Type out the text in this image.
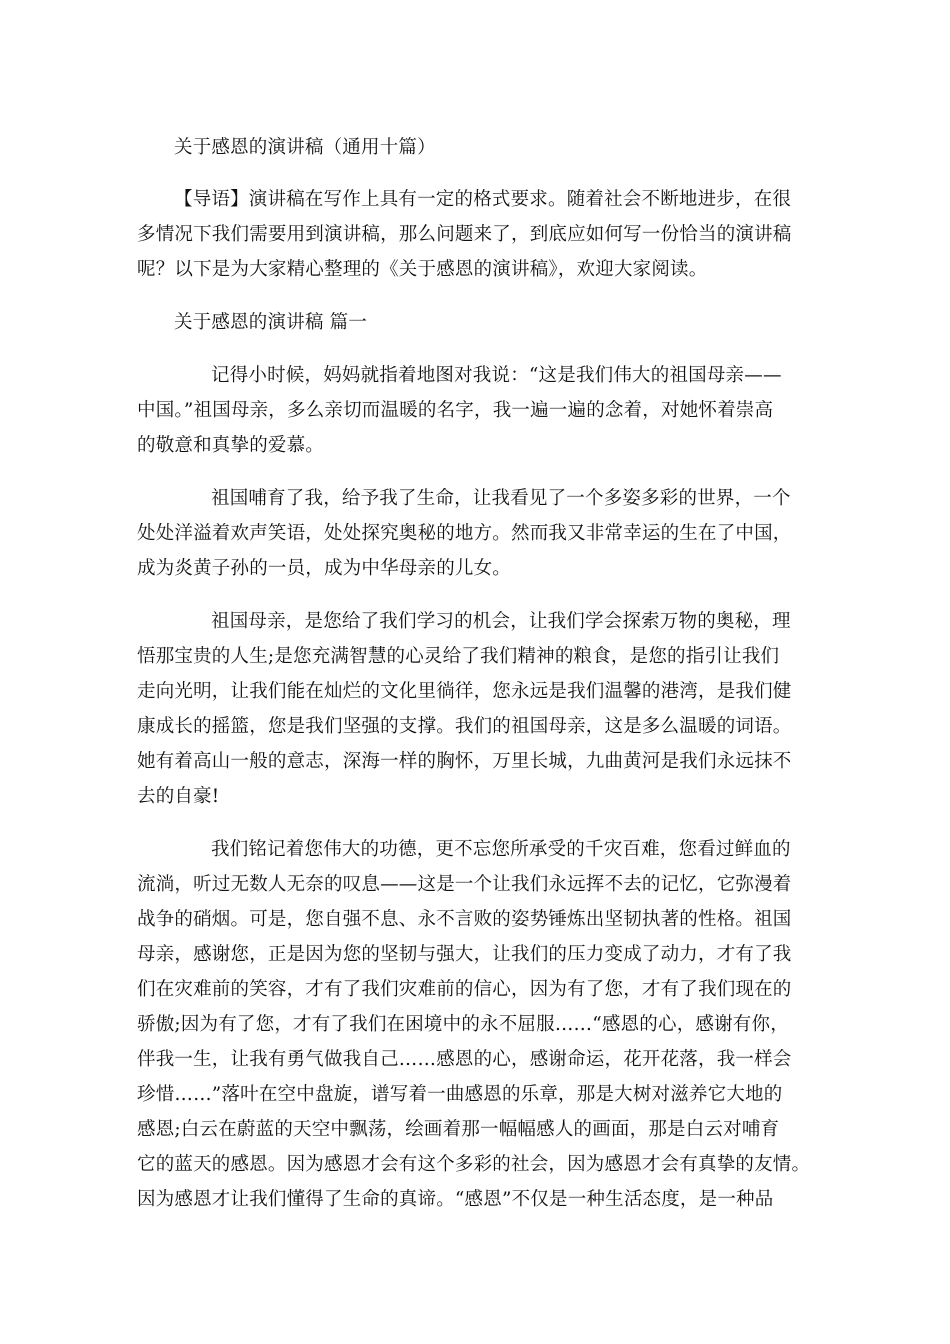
关于感恩的演讲稿（通用十篇）
【导语】演讲稿在写作上具有一定的格式要求。随着社会不断地进步，在很
多情况下我们需要用到演讲稿，那么问题来了，到底应如何写一份恰当的演讲稿
呢？以下是为大家精心整理的《关于感恩的演讲稿》，欢迎大家阅读。
关于感恩的演讲稿 篇一
记得小时候，妈妈就指着地图对我说：“这是我们伟大的祖国母亲——
中国。”祖国母亲，多么亲切而温暖的名字，我一遍一遍的念着，对她怀着崇高
的敬意和真挚的爱慕。
祖国哺育了我，给予我了生命，让我看见了一个多姿多彩的世界，一个
处处洋溢着欢声笑语，处处探究奥秘的地方。然而我又非常幸运的生在了中国，
成为炎黄子孙的一员，成为中华母亲的儿女。
祖国母亲，是您给了我们学习的机会，让我们学会探索万物的奥秘，理
悟那宝贵的人生;是您充满智慧的心灵给了我们精神的粮食，是您的指引让我们
走向光明，让我们能在灿烂的文化里徜徉，您永远是我们温馨的港湾，是我们健
康成长的摇篮，您是我们坚强的支撑。我们的祖国母亲，这是多么温暖的词语。
她有着高山一般的意志，深海一样的胸怀，万里长城，九曲黄河是我们永远抹不
去的自豪!
我们铭记着您伟大的功德，更不忘您所承受的千灾百难，您看过鲜血的
流淌，听过无数人无奈的叹息——这是一个让我们永远挥不去的记忆，它弥漫着
战争的硝烟。可是，您自强不息、永不言败的姿势锤炼出坚韧执著的性格。祖国
母亲，感谢您，正是因为您的坚韧与强大，让我们的压力变成了动力，才有了我
们在灾难前的笑容，才有了我们灾难前的信心，因为有了您，才有了我们现在的
骄傲;因为有了您，才有了我们在困境中的永不屈服……“感恩的心，感谢有你，
伴我一生，让我有勇气做我自己……感恩的心，感谢命运，花开花落，我一样会
珍惜……”落叶在空中盘旋，谱写着一曲感恩的乐章，那是大树对滋养它大地的
感恩;白云在蔚蓝的天空中飘荡，绘画着那一幅幅感人的画面，那是白云对哺育
它的蓝天的感恩。因为感恩才会有这个多彩的社会，因为感恩才会有真挚的友情。
因为感恩才让我们懂得了生命的真谛。“感恩”不仅是一种生活态度，是一种品
